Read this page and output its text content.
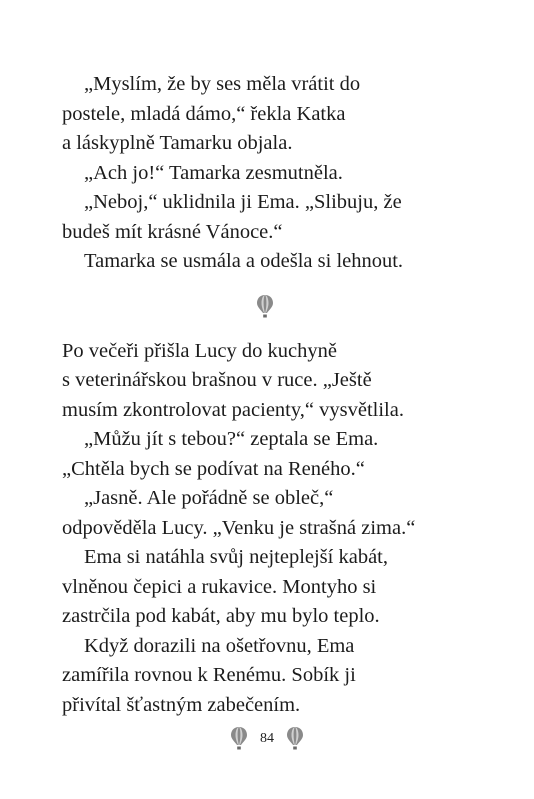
„Myslím, že by ses měla vrátit do
postele, mladá dámo,“ řekla Katka
a láskyplně Tamarku objala.

„Ach jo!“ Tamarka zesmutněla.

„Neboj,“ uklidnila ji Ema. „Slibuju, že
budeš mít krásné Vánoce.“

Tamarka se usmála a odešla si lehnout.

Po večeři přišla Lucy do kuchyně
s veterinářskou brašnou v ruce. „Ještě
musím zkontrolovat pacienty,“ vysvětlila.

„Můžu jít s tebou?“ zeptala se Ema.
„Chtěla bych se podívat na Reného.“

„Jasně. Ale pořádně se obleč,“
odpověděla Lucy. „Venku je strašná zima.“

Ema si natáhla svůj nejteplejší kabát,
vlněnou čepici a rukavice. Montyho si
zastrčila pod kabát, aby mu bylo teplo.

Když dorazili na ošetřovnu, Ema
zamířila rovnou k Renému. Sobík ji
přivítal šťastným zabečením.

84
